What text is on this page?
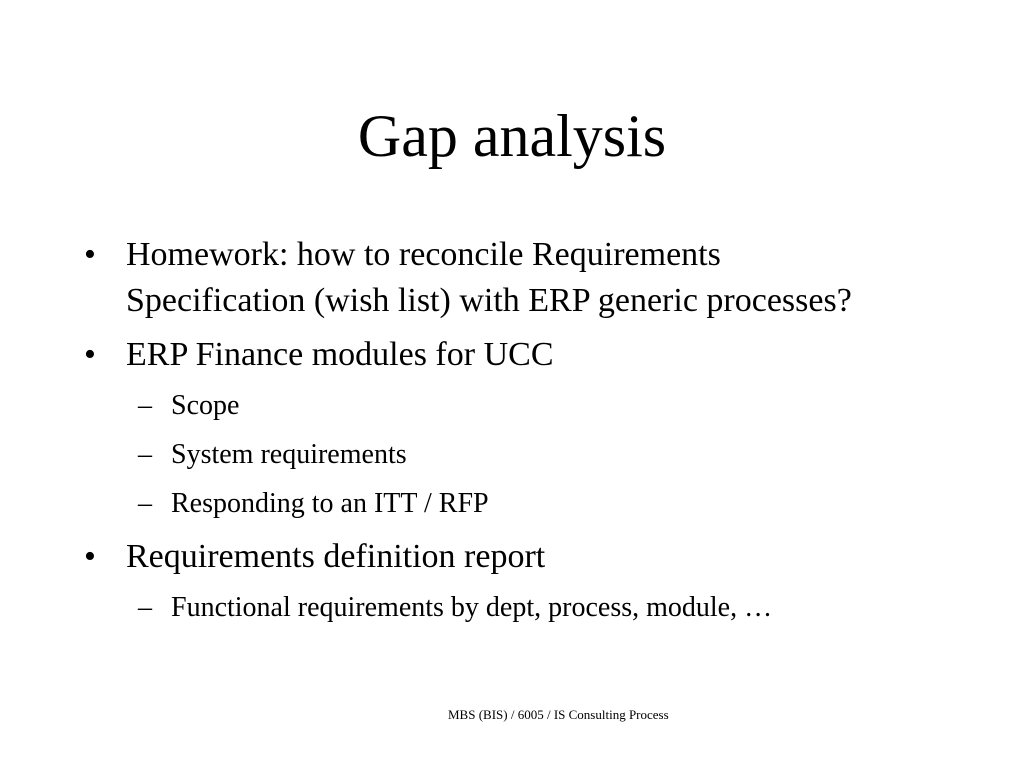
Gap analysis
• Homework: how to reconcile Requirements
Specification (wish list) with ERP generic processes?
• ERP Finance modules for UCC
– Scope
– System requirements
– Responding to an ITT / RFP
• Requirements definition report
– Functional requirements by dept, process, module, …
MBS (BIS) / 6005 / IS Consulting Process
